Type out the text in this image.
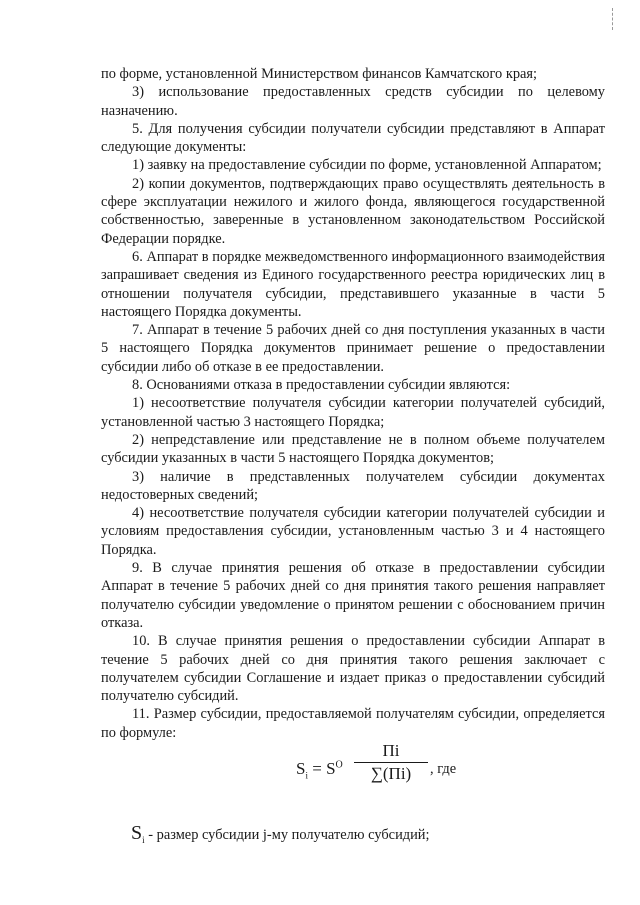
по форме, установленной Министерством финансов Камчатского края;

3) использование предоставленных средств субсидии по целевому назначению.

5. Для получения субсидии получатели субсидии представляют в Аппарат следующие документы:

1) заявку на предоставление субсидии по форме, установленной Аппаратом;

2) копии документов, подтверждающих право осуществлять деятельность в сфере эксплуатации нежилого и жилого фонда, являющегося государственной собственностью, заверенные в установленном законодательством Российской Федерации порядке.

6. Аппарат в порядке межведомственного информационного взаимодействия запрашивает сведения из Единого государственного реестра юридических лиц в отношении получателя субсидии, представившего указанные в части 5 настоящего Порядка документы.

7. Аппарат в течение 5 рабочих дней со дня поступления указанных в части 5 настоящего Порядка документов принимает решение о предоставлении субсидии либо об отказе в ее предоставлении.

8. Основаниями отказа в предоставлении субсидии являются:

1) несоответствие получателя субсидии категории получателей субсидий, установленной частью 3 настоящего Порядка;

2) непредставление или представление не в полном объеме получателем субсидии указанных в части 5 настоящего Порядка документов;

3) наличие в представленных получателем субсидии документах недостоверных сведений;

4) несоответствие получателя субсидии категории получателей субсидии и условиям предоставления субсидии, установленным частью 3 и 4 настоящего Порядка.

9. В случае принятия решения об отказе в предоставлении субсидии Аппарат в течение 5 рабочих дней со дня принятия такого решения направляет получателю субсидии уведомление о принятом решении с обоснованием причин отказа.

10. В случае принятия решения о предоставлении субсидии Аппарат в течение 5 рабочих дней со дня принятия такого решения заключает с получателем субсидии Соглашение и издает приказ о предоставлении субсидий получателю субсидий.

11. Размер субсидии, предоставляемой получателям субсидии, определяется по формуле:

$S_i = S^O$
Пi
∑(Пi)	, где
$S_i$ - размер субсидии j-му получателю субсидий;
